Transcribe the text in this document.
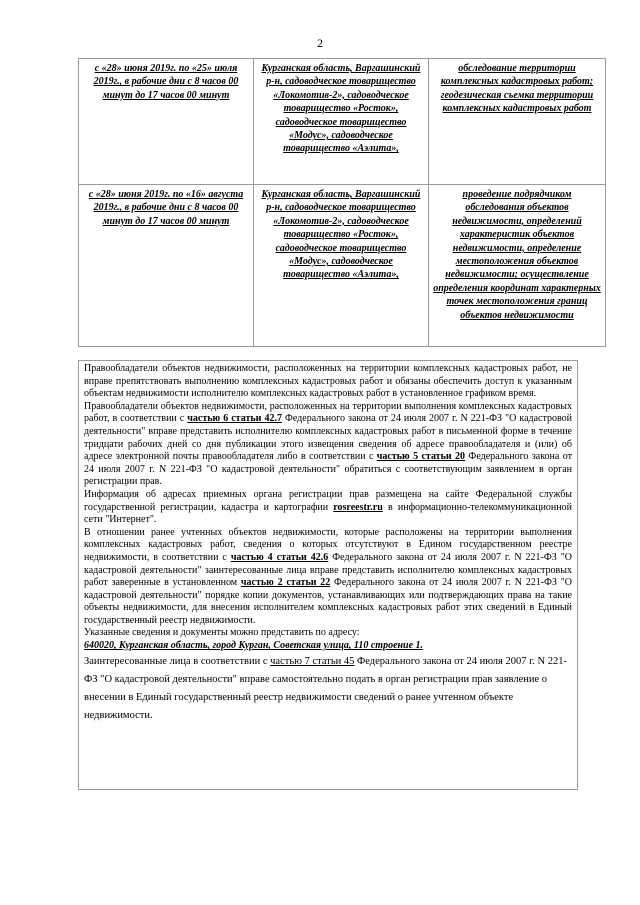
2
с «28» июня 2019г. по «25» июля 2019г., в рабочие дни с 8 часов 00 минут до 17 часов 00 минут	Курганская область, Варгашинский р-н, садоводческое товарищество «Локомотив-2», садоводческое товарищество «Росток», садоводческое товарищество «Модус», садоводческое товарищество «Аэлита»,	обследование территории комплексных кадастровых работ; геодезическая съемка территории комплексных кадастровых работ
с «28» июня 2019г. по «16» августа 2019г., в рабочие дни с 8 часов 00 минут до 17 часов 00 минут	Курганская область, Варгашинский р-н, садоводческое товарищество «Локомотив-2», садоводческое товарищество «Росток», садоводческое товарищество «Модус», садоводческое товарищество «Аэлита»,	проведение подрядчиком обследования объектов недвижимости, определений характеристик объектов недвижимости, определение местоположения объектов недвижимости; осуществление определения координат характерных точек местоположения границ объектов недвижимости

Правообладатели объектов недвижимости, расположенных на территории комплексных кадастровых работ, не вправе препятствовать выполнению комплексных кадастровых работ и обязаны обеспечить доступ к указанным объектам недвижимости исполнителю комплексных кадастровых работ в установленное графиком время.

Правообладатели объектов недвижимости, расположенных на территории выполнения комплексных кадастровых работ, в соответствии с частью 6 статьи 42.7 Федерального закона от 24 июля 2007 г. N 221-ФЗ "О кадастровой деятельности" вправе представить исполнителю комплексных кадастровых работ в письменной форме в течение тридцати рабочих дней со дня публикации этого извещения сведения об адресе правообладателя и (или) об адресе электронной почты правообладателя либо в соответствии с частью 5 статьи 20 Федерального закона от 24 июля 2007 г. N 221-ФЗ "О кадастровой деятельности" обратиться с соответствующим заявлением в орган регистрации прав.

Информация об адресах приемных органа регистрации прав размещена на сайте Федеральной службы государственной регистрации, кадастра и картографии rosreestr.ru в информационно-телекоммуникационной сети "Интернет".

В отношении ранее учтенных объектов недвижимости, которые расположены на территории выполнения комплексных кадастровых работ, сведения о которых отсутствуют в Едином государственном реестре недвижимости, в соответствии с частью 4 статьи 42.6 Федерального закона от 24 июля 2007 г. N 221-ФЗ "О кадастровой деятельности" заинтересованные лица вправе представить исполнителю комплексных кадастровых работ заверенные в установленном частью 2 статьи 22 Федерального закона от 24 июля 2007 г. N 221-ФЗ "О кадастровой деятельности" порядке копии документов, устанавливающих или подтверждающих права на такие объекты недвижимости, для внесения исполнителем комплексных кадастровых работ этих сведений в Единый государственный реестр недвижимости.

Указанные сведения и документы можно представить по адресу:

640020, Курганская область, город Курган, Советская улица, 110 строение 1.

Заинтересованные лица в соответствии с частью 7 статьи 45 Федерального закона от 24 июля 2007 г. N 221-ФЗ "О кадастровой деятельности" вправе самостоятельно подать в орган регистрации прав заявление о внесении в Единый государственный реестр недвижимости сведений о ранее учтенном объекте недвижимости.
